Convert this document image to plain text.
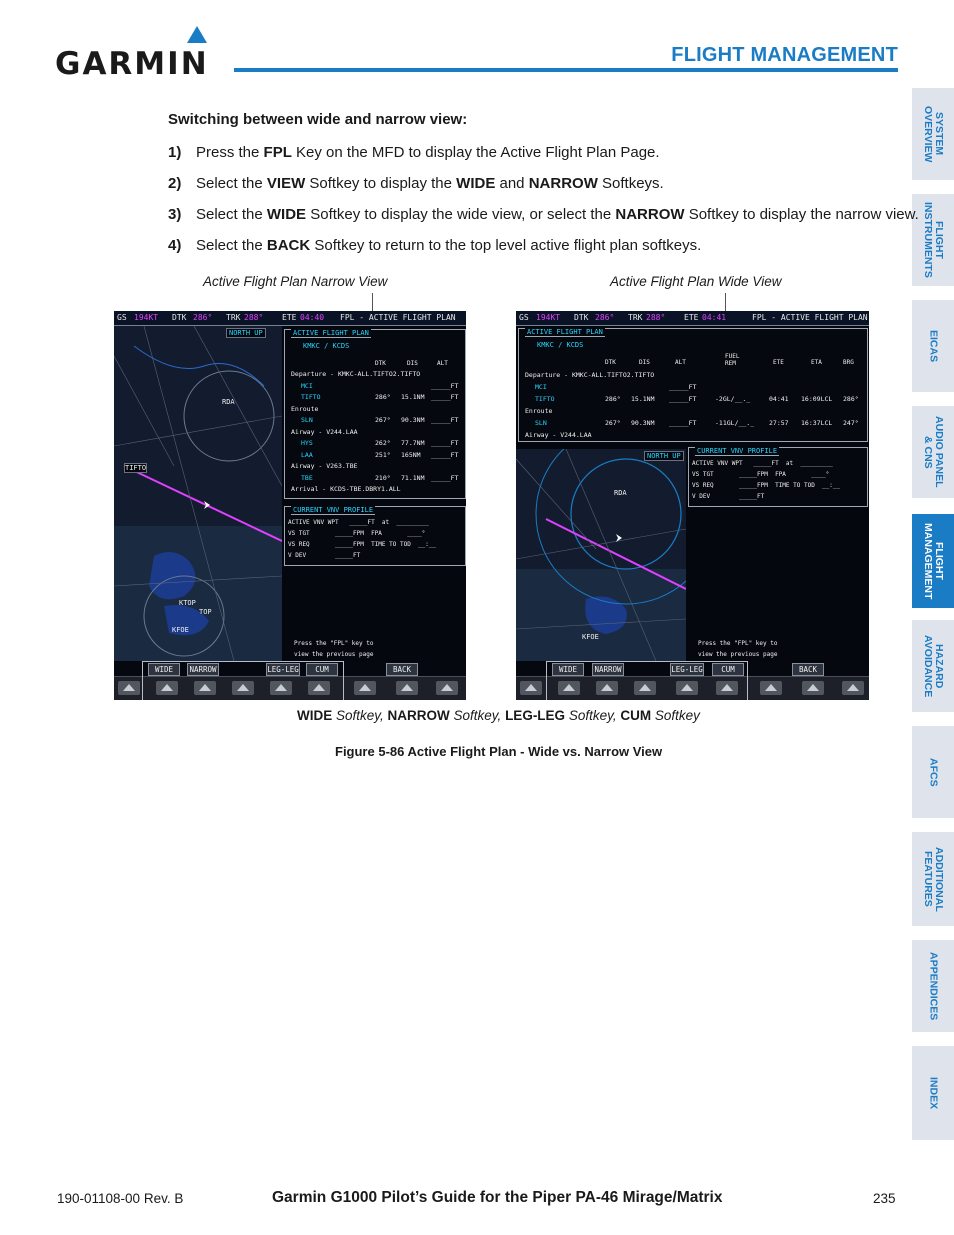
GARMIN	FLIGHT MANAGEMENT
SYSTEM
OVERVIEW
FLIGHT
INSTRUMENTS
EICAS
AUDIO PANEL
& CNS
FLIGHT
MANAGEMENT
HAZARD
AVOIDANCE
AFCS
ADDITIONAL
FEATURES
APPENDICES
INDEX
Switching between wide and narrow view:
1) Press the FPL Key on the MFD to display the Active Flight Plan Page.
2) Select the VIEW Softkey to display the WIDE and NARROW Softkeys.
3) Select the WIDE Softkey to display the wide view, or select the NARROW Softkey to display the narrow view.
4) Select the BACK Softkey to return to the top level active flight plan softkeys.
Active Flight Plan Narrow View	Active Flight Plan Wide View
GS 194KT DTK 286° TRK 288° ETE 04:40 FPL - ACTIVE FLIGHT PLAN
NORTH UP
RDA
TIFTO
KTOP
TOP
KFOE
ACTIVE FLIGHT PLAN
KMKC / KCDS
DTK	DIS	ALT
Departure - KMKC-ALL.TIFTO2.TIFTO
MCI	_____FT
TIFTO	286° 15.1NM _____FT
Enroute
SLN	267° 90.3NM _____FT
Airway - V244.LAA
HYS	262° 77.7NM _____FT
LAA	251° 165NM _____FT
Airway - V263.TBE
TBE	210° 71.1NM _____FT
Arrival - KCDS-TBE.DBRY1.ALL
CURRENT VNV PROFILE
ACTIVE VNV WPT   _____FT  at  _________
VS TGT       _____FPM  FPA       ____°
VS REQ       _____FPM  TIME TO TOD  __:__
V DEV        _____FT
Press the "FPL" key to
view the previous page
WIDE	NARROW	LEG-LEG	CUM	BACK
GS 194KT DTK 286° TRK 288° ETE 04:41	FPL - ACTIVE FLIGHT PLAN
ACTIVE FLIGHT PLAN
KMKC / KCDS
DTK	DIS	ALT
FUEL REM	ETE	ETA	BRG
Departure - KMKC-ALL.TIFTO2.TIFTO
MCI	_____FT
TIFTO	286° 15.1NM _____FT	-2GL/__._	04:41 16:09LCL 286°
Enroute
SLN	267° 90.3NM _____FT	-11GL/__._ 27:57 16:37LCL 247°
Airway - V244.LAA
NORTH UP
RDA
KFOE
CURRENT VNV PROFILE
ACTIVE VNV WPT   _____FT  at  _________
VS TGT       _____FPM  FPA       ____°
VS REQ       _____FPM  TIME TO TOD  __:__
V DEV        _____FT
Press the "FPL" key to
view the previous page
WIDE	NARROW	LEG-LEG	CUM	BACK
WIDE Softkey, NARROW Softkey, LEG-LEG Softkey, CUM Softkey
Figure 5-86 Active Flight Plan - Wide vs. Narrow View
190-01108-00 Rev. B	Garmin G1000 Pilot’s Guide for the Piper PA-46 Mirage/Matrix	235
